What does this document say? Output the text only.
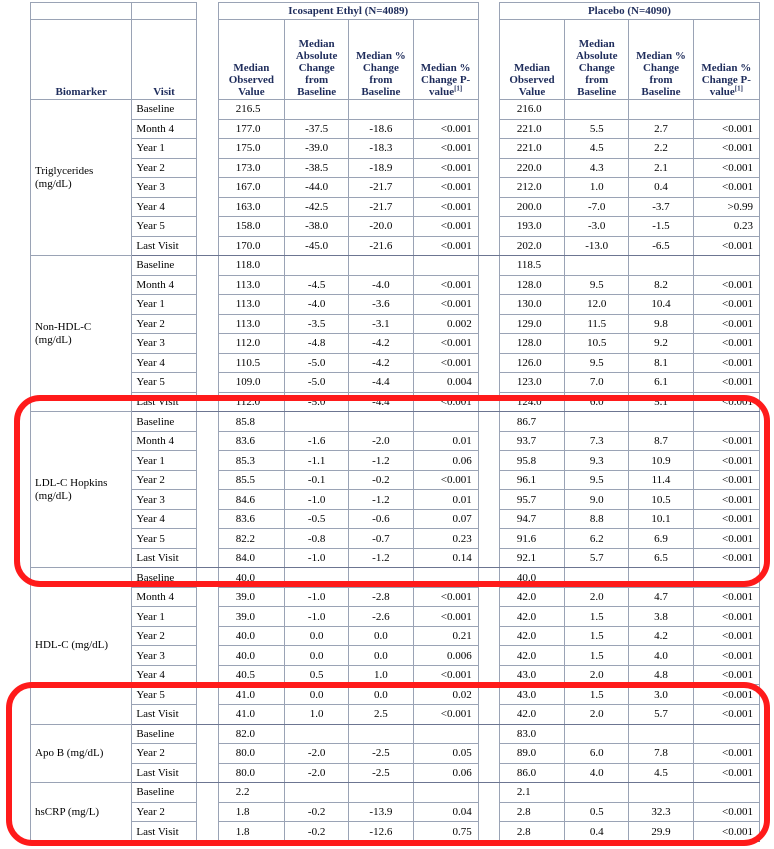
			Icosapent Ethyl (N=4089)					Placebo (N=4090)			
Biomarker	Visit		Median Observed Value	Median Absolute Change from Baseline	Median % Change from Baseline	Median % Change P-value[1]		Median Observed Value	Median Absolute Change from Baseline	Median % Change from Baseline	Median % Change P-value[1]
Triglycerides (mg/dL)	Baseline		216.5					216.0			
	Month 4		177.0	-37.5	-18.6	<0.001		221.0	5.5	2.7	<0.001
	Year 1		175.0	-39.0	-18.3	<0.001		221.0	4.5	2.2	<0.001
	Year 2		173.0	-38.5	-18.9	<0.001		220.0	4.3	2.1	<0.001
	Year 3		167.0	-44.0	-21.7	<0.001		212.0	1.0	0.4	<0.001
	Year 4		163.0	-42.5	-21.7	<0.001		200.0	-7.0	-3.7	>0.99
	Year 5		158.0	-38.0	-20.0	<0.001		193.0	-3.0	-1.5	0.23
	Last Visit		170.0	-45.0	-21.6	<0.001		202.0	-13.0	-6.5	<0.001
Non-HDL-C (mg/dL)	Baseline		118.0					118.5			
	Month 4		113.0	-4.5	-4.0	<0.001		128.0	9.5	8.2	<0.001
	Year 1		113.0	-4.0	-3.6	<0.001		130.0	12.0	10.4	<0.001
	Year 2		113.0	-3.5	-3.1	0.002		129.0	11.5	9.8	<0.001
	Year 3		112.0	-4.8	-4.2	<0.001		128.0	10.5	9.2	<0.001
	Year 4		110.5	-5.0	-4.2	<0.001		126.0	9.5	8.1	<0.001
	Year 5		109.0	-5.0	-4.4	0.004		123.0	7.0	6.1	<0.001
	Last Visit		112.0	-5.0	-4.4	<0.001		124.0	6.0	5.1	<0.001
LDL-C Hopkins (mg/dL)	Baseline		85.8					86.7			
	Month 4		83.6	-1.6	-2.0	0.01		93.7	7.3	8.7	<0.001
	Year 1		85.3	-1.1	-1.2	0.06		95.8	9.3	10.9	<0.001
	Year 2		85.5	-0.1	-0.2	<0.001		96.1	9.5	11.4	<0.001
	Year 3		84.6	-1.0	-1.2	0.01		95.7	9.0	10.5	<0.001
	Year 4		83.6	-0.5	-0.6	0.07		94.7	8.8	10.1	<0.001
	Year 5		82.2	-0.8	-0.7	0.23		91.6	6.2	6.9	<0.001
	Last Visit		84.0	-1.0	-1.2	0.14		92.1	5.7	6.5	<0.001
HDL-C (mg/dL)	Baseline		40.0					40.0			
	Month 4		39.0	-1.0	-2.8	<0.001		42.0	2.0	4.7	<0.001
	Year 1		39.0	-1.0	-2.6	<0.001		42.0	1.5	3.8	<0.001
	Year 2		40.0	0.0	0.0	0.21		42.0	1.5	4.2	<0.001
	Year 3		40.0	0.0	0.0	0.006		42.0	1.5	4.0	<0.001
	Year 4		40.5	0.5	1.0	<0.001		43.0	2.0	4.8	<0.001
	Year 5		41.0	0.0	0.0	0.02		43.0	1.5	3.0	<0.001
	Last Visit		41.0	1.0	2.5	<0.001		42.0	2.0	5.7	<0.001
Apo B (mg/dL)	Baseline		82.0					83.0			
	Year 2		80.0	-2.0	-2.5	0.05		89.0	6.0	7.8	<0.001
	Last Visit		80.0	-2.0	-2.5	0.06		86.0	4.0	4.5	<0.001
hsCRP (mg/L)	Baseline		2.2					2.1			
	Year 2		1.8	-0.2	-13.9	0.04		2.8	0.5	32.3	<0.001
	Last Visit		1.8	-0.2	-12.6	0.75		2.8	0.4	29.9	<0.001
